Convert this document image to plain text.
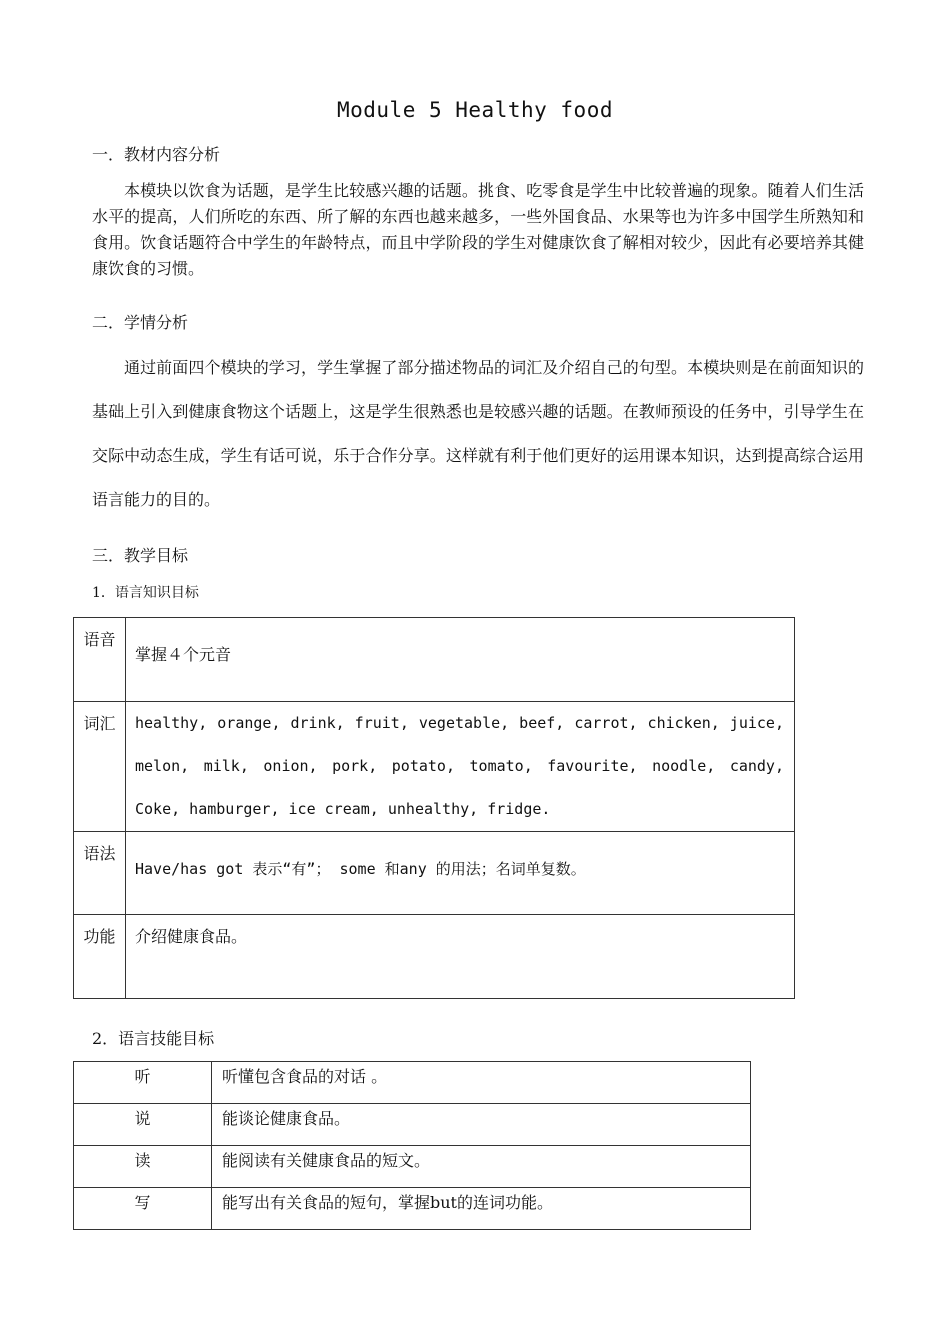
Module 5 Healthy food
一．教材内容分析
本模块以饮食为话题，是学生比较感兴趣的话题。挑食、吃零食是学生中比较普遍的现象。随着人们生活水平的提高，人们所吃的东西、所了解的东西也越来越多，一些外国食品、水果等也为许多中国学生所熟知和食用。饮食话题符合中学生的年龄特点，而且中学阶段的学生对健康饮食了解相对较少，因此有必要培养其健康饮食的习惯。
二．学情分析
通过前面四个模块的学习，学生掌握了部分描述物品的词汇及介绍自己的句型。本模块则是在前面知识的基础上引入到健康食物这个话题上，这是学生很熟悉也是较感兴趣的话题。在教师预设的任务中，引导学生在交际中动态生成，学生有话可说，乐于合作分享。这样就有利于他们更好的运用课本知识，达到提高综合运用语言能力的目的。
三．教学目标
1．语言知识目标
语音	掌握４个元音
词汇	healthy, orange, drink, fruit, vegetable, beef, carrot, chicken, juice, melon, milk, onion, pork, potato, tomato, favourite, noodle, candy, Coke, hamburger, ice cream, unhealthy, fridge.
语法	Have/has got 表示“有”； some 和any 的用法；名词单复数。
功能	介绍健康食品。
2．语言技能目标
听	听懂包含食品的对话 。
说	能谈论健康食品。
读	能阅读有关健康食品的短文。
写	能写出有关食品的短句，掌握but的连词功能。
